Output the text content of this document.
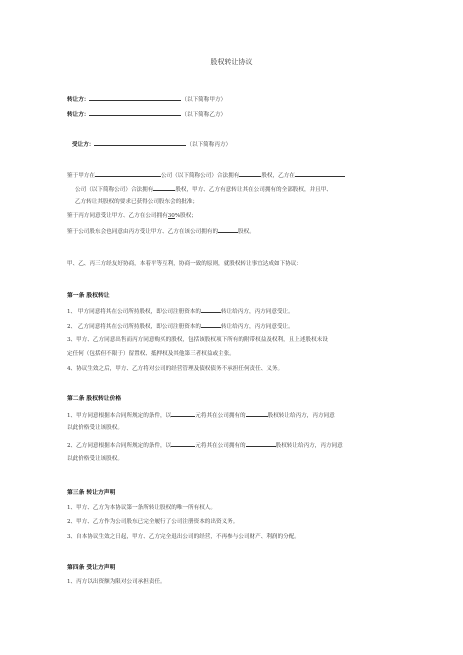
股权转让协议
转让方：	（以下简称甲方）
转让方：	（以下简称乙方）
受让方：	（以下简称丙方）
鉴于甲方在	公司（以下简称公司）合法拥有	股权，乙方在
公司（以下简称公司）合法拥有	股权，甲方、乙方有意转让其在公司拥有的全部股权，并且甲、
乙方转让其股权的要求已获得公司股东会的批准；
鉴于丙方同意受让甲方、乙方在公司拥有30%股权；
鉴于公司股东会也同意由丙方受让甲方、乙方在该公司拥有的	股权。
甲、乙、丙三方经友好协商，本着平等互利，协商一致的原则，就股权转让事宜达成如下协议：
第一条 股权转让
1、 甲方同意将其在公司所持股权，即公司注册资本的	转让给丙方，丙方同意受让。
2、 乙方同意将其在公司所持股权，即公司注册资本的	转让给丙方，丙方同意受让。
3、甲方、乙方同意出售而丙方同意购买的股权，包括该股权项下所有的附带权益及权利，且上述股权未设
定任何（包括但不限于）留置权、抵押权及其他第三者权益或主张。
4、协议生效之后，甲方、乙方将对公司的经营管理及债权债务不承担任何责任、义务。
第二条 股权转让价格
1、甲方同意根据本合同所规定的条件，以	元将其在公司拥有的	股权转让给丙方，丙方同意
以此价格受让该股权。
2、乙方同意根据本合同所规定的条件，以	元将其在公司拥有的	股权转让给丙方，丙方同意
以此价格受让该股权。
第三条 转让方声明
1、甲方、乙方为本协议第一条所转让股权的唯一所有权人。
2、甲方、乙方作为公司股东已完全履行了公司注册资本的出资义务。
3、自本协议生效之日起，甲方、乙方完全退出公司的经营，不再参与公司财产、利润的分配。
第四条 受让方声明
1、丙方以出资额为限对公司承担责任。
